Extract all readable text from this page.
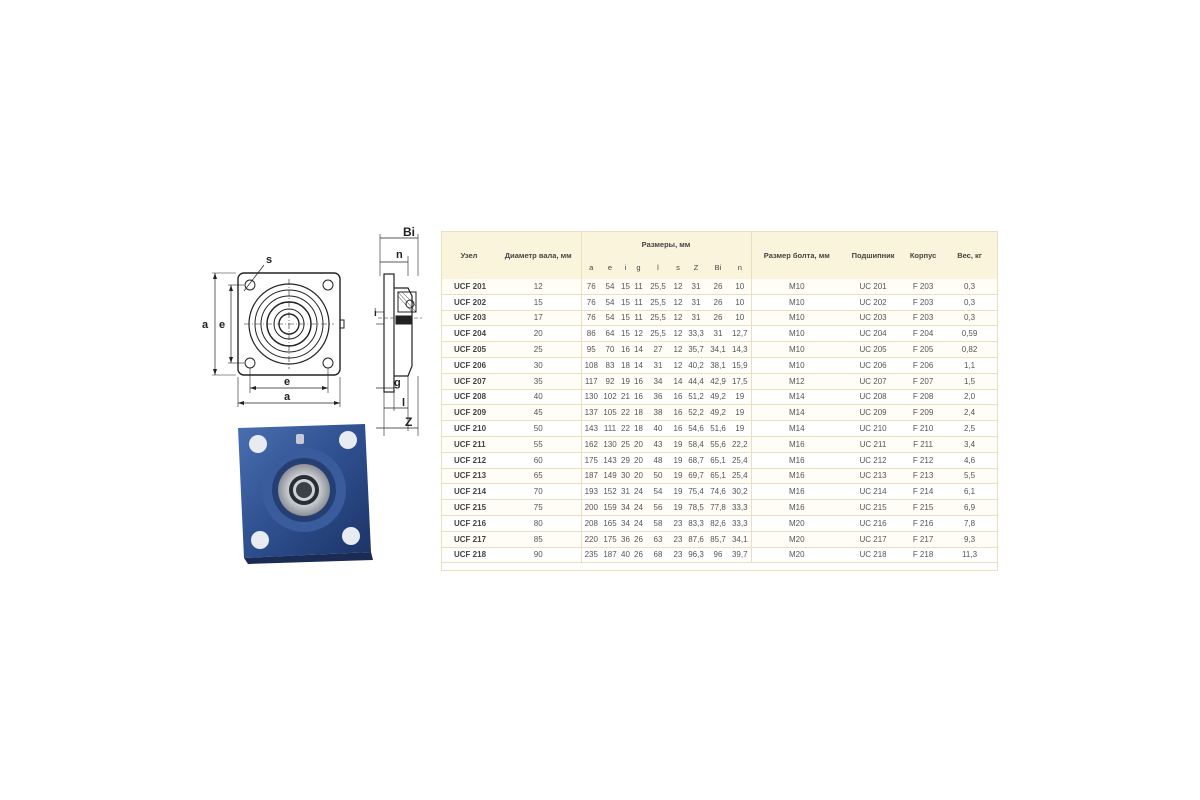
s
a e
e
a
Bi
n
i
g
l
Z
Узел	Диаметр вала, мм	Размеры, мм									Размер болта, мм	Подшипник	Корпус	Вес, кг
		a	e	i	g	l	s	Z	Bi	n				
UCF 201	12	76	54	15	11	25,5	12	31	26	10	M10	UC 201	F 203	0,3
UCF 202	15	76	54	15	11	25,5	12	31	26	10	M10	UC 202	F 203	0,3
UCF 203	17	76	54	15	11	25,5	12	31	26	10	M10	UC 203	F 203	0,3
UCF 204	20	86	64	15	12	25,5	12	33,3	31	12,7	M10	UC 204	F 204	0,59
UCF 205	25	95	70	16	14	27	12	35,7	34,1	14,3	M10	UC 205	F 205	0,82
UCF 206	30	108	83	18	14	31	12	40,2	38,1	15,9	M10	UC 206	F 206	1,1
UCF 207	35	117	92	19	16	34	14	44,4	42,9	17,5	M12	UC 207	F 207	1,5
UCF 208	40	130	102	21	16	36	16	51,2	49,2	19	M14	UC 208	F 208	2,0
UCF 209	45	137	105	22	18	38	16	52,2	49,2	19	M14	UC 209	F 209	2,4
UCF 210	50	143	111	22	18	40	16	54,6	51,6	19	M14	UC 210	F 210	2,5
UCF 211	55	162	130	25	20	43	19	58,4	55,6	22,2	M16	UC 211	F 211	3,4
UCF 212	60	175	143	29	20	48	19	68,7	65,1	25,4	M16	UC 212	F 212	4,6
UCF 213	65	187	149	30	20	50	19	69,7	65,1	25,4	M16	UC 213	F 213	5,5
UCF 214	70	193	152	31	24	54	19	75,4	74,6	30,2	M16	UC 214	F 214	6,1
UCF 215	75	200	159	34	24	56	19	78,5	77,8	33,3	M16	UC 215	F 215	6,9
UCF 216	80	208	165	34	24	58	23	83,3	82,6	33,3	M20	UC 216	F 216	7,8
UCF 217	85	220	175	36	26	63	23	87,6	85,7	34,1	M20	UC 217	F 217	9,3
UCF 218	90	235	187	40	26	68	23	96,3	96	39,7	M20	UC 218	F 218	11,3
